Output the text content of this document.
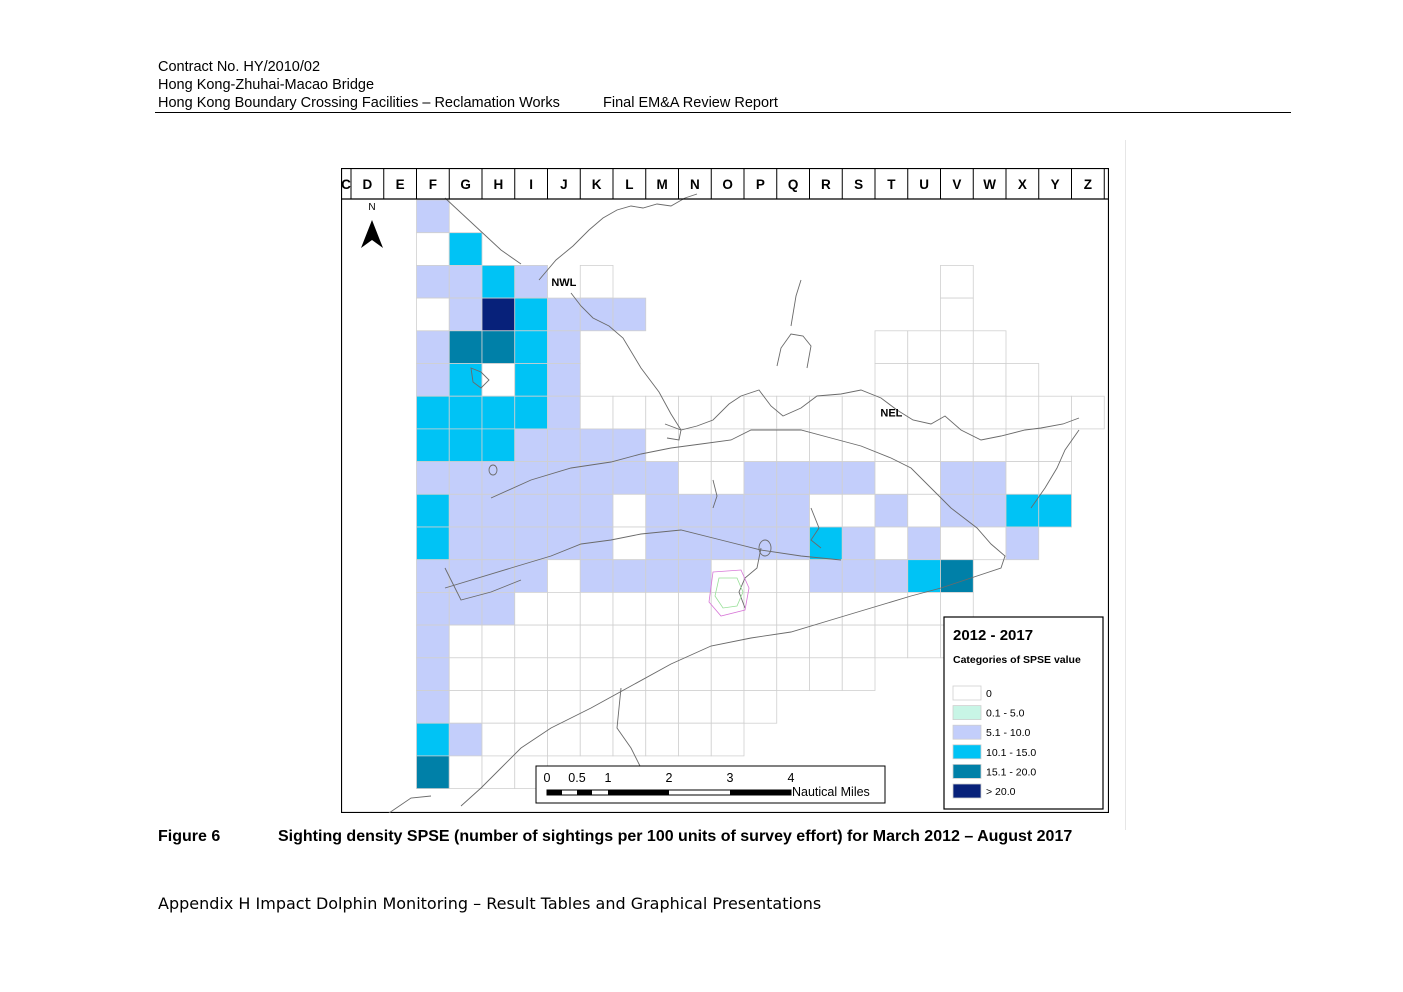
Contract No. HY/2010/02
Hong Kong-Zhuhai-Macao Bridge
Hong Kong Boundary Crossing Facilities – Reclamation Works	Final EM&A Review Report
N
C D E F G H I J K L M N O P Q R S T U V W X Y Z
NWL
NEL
0 0.5 1	2	3	4
Nautical Miles
2012 - 2017
Categories of SPSE value
0
0.1 - 5.0
5.1 - 10.0
10.1 - 15.0
15.1 - 20.0
> 20.0
Figure 6	Sighting density SPSE (number of sightings per 100 units of survey effort) for March 2012 – August 2017
Appendix H Impact Dolphin Monitoring – Result Tables and Graphical Presentations
